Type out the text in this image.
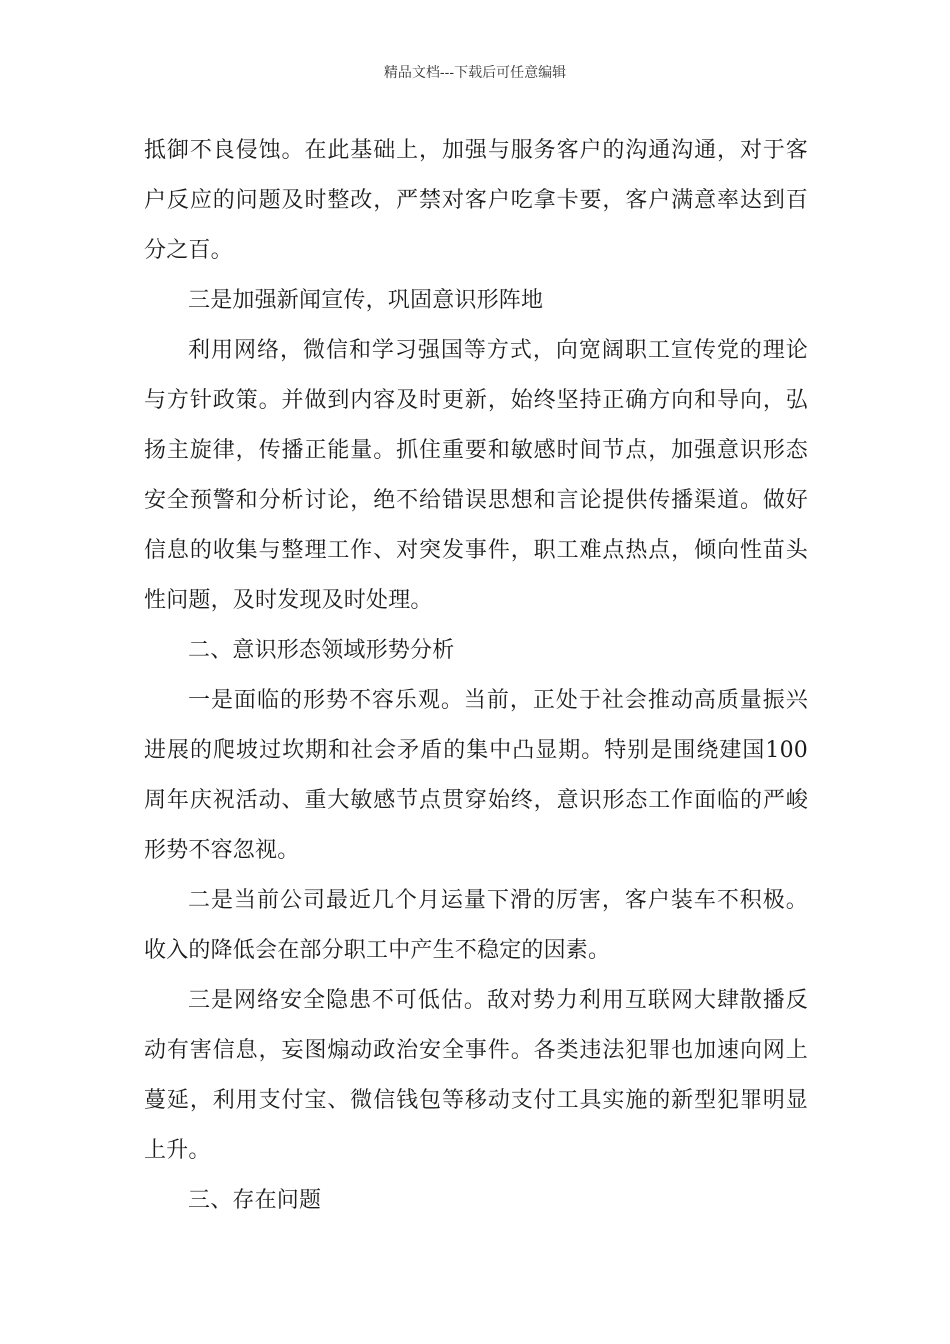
精品文档---下载后可任意编辑

抵御不良侵蚀。在此基础上，加强与服务客户的沟通沟通，对于客户反应的问题及时整改，严禁对客户吃拿卡要，客户满意率达到百分之百。

三是加强新闻宣传，巩固意识形阵地

利用网络，微信和学习强国等方式，向宽阔职工宣传党的理论与方针政策。并做到内容及时更新，始终坚持正确方向和导向，弘扬主旋律，传播正能量。抓住重要和敏感时间节点，加强意识形态安全预警和分析讨论，绝不给错误思想和言论提供传播渠道。做好信息的收集与整理工作、对突发事件，职工难点热点，倾向性苗头性问题，及时发现及时处理。

二、意识形态领域形势分析

一是面临的形势不容乐观。当前，正处于社会推动高质量振兴进展的爬坡过坎期和社会矛盾的集中凸显期。特别是围绕建国100周年庆祝活动、重大敏感节点贯穿始终，意识形态工作面临的严峻形势不容忽视。

二是当前公司最近几个月运量下滑的厉害，客户装车不积极。收入的降低会在部分职工中产生不稳定的因素。

三是网络安全隐患不可低估。敌对势力利用互联网大肆散播反动有害信息，妄图煽动政治安全事件。各类违法犯罪也加速向网上蔓延，利用支付宝、微信钱包等移动支付工具实施的新型犯罪明显上升。

三、存在问题
